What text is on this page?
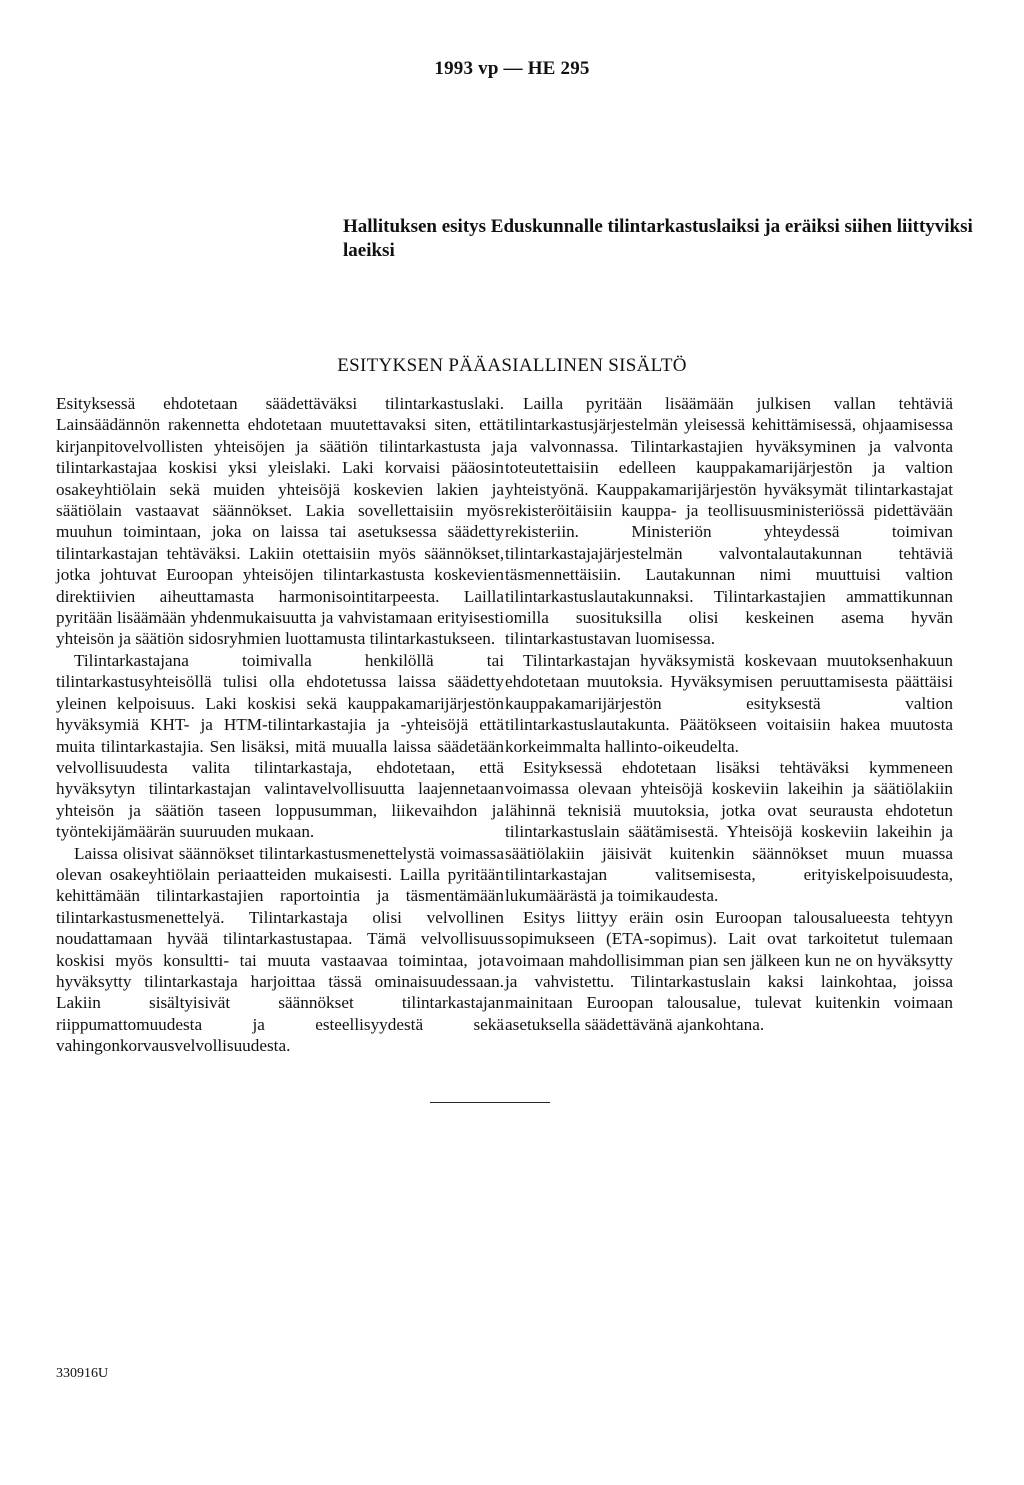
1993 vp — HE 295
Hallituksen esitys Eduskunnalle tilintarkastuslaiksi ja eräiksi siihen liittyviksi laeiksi
ESITYKSEN PÄÄASIALLINEN SISÄLTÖ

Esityksessä ehdotetaan säädettäväksi tilintarkastuslaki. Lainsäädännön rakennetta ehdotetaan muutettavaksi siten, että kirjanpitovelvollisten yhteisöjen ja säätiön tilintarkastusta ja tilintarkastajaa koskisi yksi yleislaki. Laki korvaisi pääosin osakeyhtiölain sekä muiden yhteisöjä koskevien lakien ja säätiölain vastaavat säännökset. Lakia sovellettaisiin myös muuhun toimintaan, joka on laissa tai asetuksessa säädetty tilintarkastajan tehtäväksi. Lakiin otettaisiin myös säännökset, jotka johtuvat Euroopan yhteisöjen tilintarkastusta koskevien direktiivien aiheuttamasta harmonisointitarpeesta. Lailla pyritään lisäämään yhdenmukaisuutta ja vahvistamaan erityisesti yhteisön ja säätiön sidosryhmien luottamusta tilintarkastukseen.

Tilintarkastajana toimivalla henkilöllä tai tilintarkastusyhteisöllä tulisi olla ehdotetussa laissa säädetty yleinen kelpoisuus. Laki koskisi sekä kauppakamarijärjestön hyväksymiä KHT- ja HTM-tilintarkastajia ja -yhteisöjä että muita tilintarkastajia. Sen lisäksi, mitä muualla laissa säädetään velvollisuudesta valita tilintarkastaja, ehdotetaan, että hyväksytyn tilintarkastajan valintavelvollisuutta laajennetaan yhteisön ja säätiön taseen loppusumman, liikevaihdon ja työntekijämäärän suuruuden mukaan.

Laissa olisivat säännökset tilintarkastusmenettelystä voimassa olevan osakeyhtiölain periaatteiden mukaisesti. Lailla pyritään kehittämään tilintarkastajien raportointia ja täsmentämään tilintarkastusmenettelyä. Tilintarkastaja olisi velvollinen noudattamaan hyvää tilintarkastustapaa. Tämä velvollisuus koskisi myös konsultti- tai muuta vastaavaa toimintaa, jota hyväksytty tilintarkastaja harjoittaa tässä ominaisuudessaan. Lakiin sisältyisivät säännökset tilintarkastajan riippumattomuudesta ja esteellisyydestä sekä vahingonkorvausvelvollisuudesta.

Lailla pyritään lisäämään julkisen vallan tehtäviä tilintarkastusjärjestelmän yleisessä kehittämisessä, ohjaamisessa ja valvonnassa. Tilintarkastajien hyväksyminen ja valvonta toteutettaisiin edelleen kauppakamarijärjestön ja valtion yhteistyönä. Kauppakamarijärjestön hyväksymät tilintarkastajat rekisteröitäisiin kauppa- ja teollisuusministeriössä pidettävään rekisteriin. Ministeriön yhteydessä toimivan tilintarkastajajärjestelmän valvontalautakunnan tehtäviä täsmennettäisiin. Lautakunnan nimi muuttuisi valtion tilintarkastuslautakunnaksi. Tilintarkastajien ammattikunnan omilla suosituksilla olisi keskeinen asema hyvän tilintarkastustavan luomisessa.

Tilintarkastajan hyväksymistä koskevaan muutoksenhakuun ehdotetaan muutoksia. Hyväksymisen peruuttamisesta päättäisi kauppakamarijärjestön esityksestä valtion tilintarkastuslautakunta. Päätökseen voitaisiin hakea muutosta korkeimmalta hallinto-oikeudelta.

Esityksessä ehdotetaan lisäksi tehtäväksi kymmeneen voimassa olevaan yhteisöjä koskeviin lakeihin ja säätiölakiin lähinnä teknisiä muutoksia, jotka ovat seurausta ehdotetun tilintarkastuslain säätämisestä. Yhteisöjä koskeviin lakeihin ja säätiölakiin jäisivät kuitenkin säännökset muun muassa tilintarkastajan valitsemisesta, erityiskelpoisuudesta, lukumäärästä ja toimikaudesta.

Esitys liittyy eräin osin Euroopan talousalueesta tehtyyn sopimukseen (ETA-sopimus). Lait ovat tarkoitetut tulemaan voimaan mahdollisimman pian sen jälkeen kun ne on hyväksytty ja vahvistettu. Tilintarkastuslain kaksi lainkohtaa, joissa mainitaan Euroopan talousalue, tulevat kuitenkin voimaan asetuksella säädettävänä ajankohtana.

330916U
